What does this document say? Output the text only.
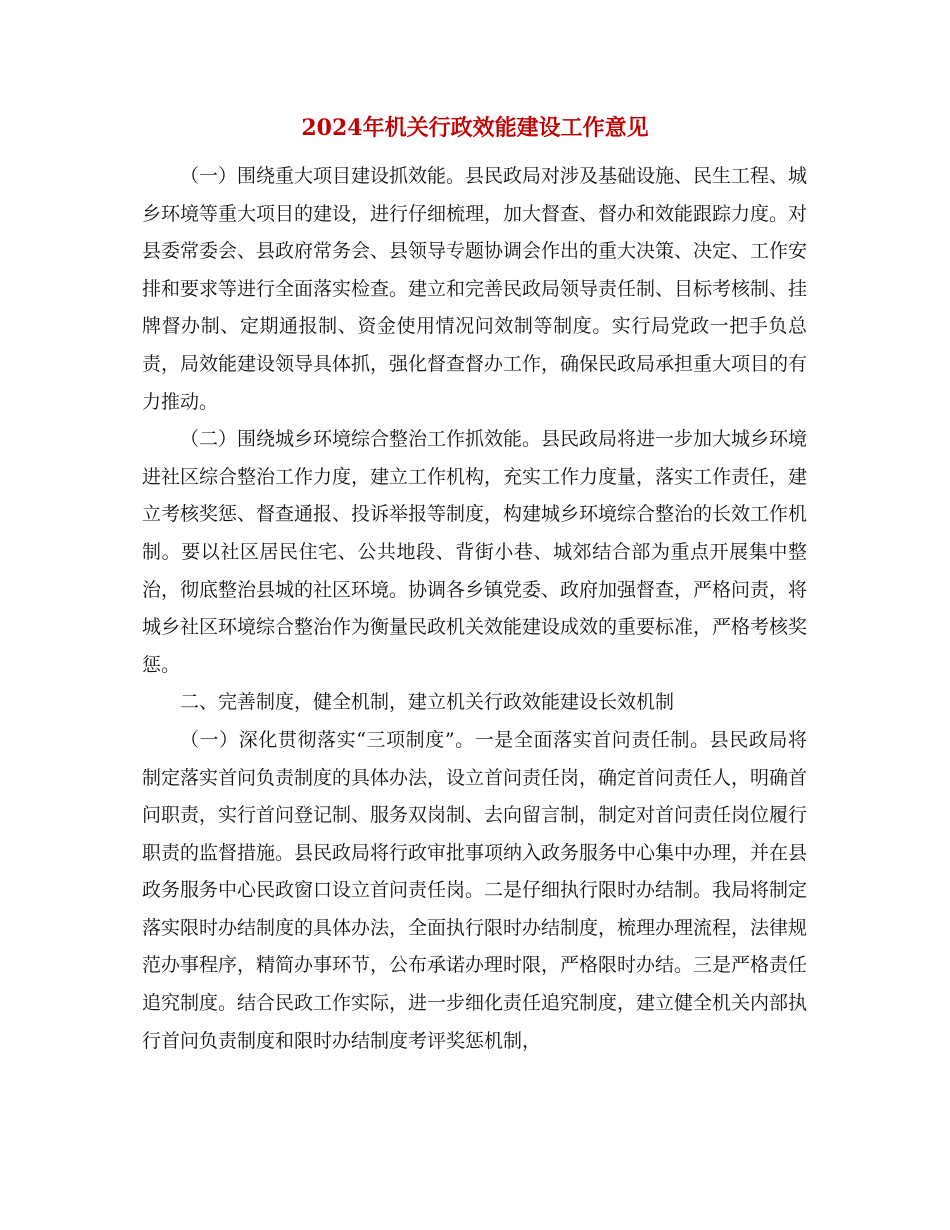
2024年机关行政效能建设工作意见

（一）围绕重大项目建设抓效能。县民政局对涉及基础设施、民生工程、城乡环境等重大项目的建设，进行仔细梳理，加大督查、督办和效能跟踪力度。对县委常委会、县政府常务会、县领导专题协调会作出的重大决策、决定、工作安排和要求等进行全面落实检查。建立和完善民政局领导责任制、目标考核制、挂牌督办制、定期通报制、资金使用情况问效制等制度。实行局党政一把手负总责，局效能建设领导具体抓，强化督查督办工作，确保民政局承担重大项目的有力推动。

（二）围绕城乡环境综合整治工作抓效能。县民政局将进一步加大城乡环境进社区综合整治工作力度，建立工作机构，充实工作力度量，落实工作责任，建立考核奖惩、督查通报、投诉举报等制度，构建城乡环境综合整治的长效工作机制。要以社区居民住宅、公共地段、背街小巷、城郊结合部为重点开展集中整治，彻底整治县城的社区环境。协调各乡镇党委、政府加强督查，严格问责，将城乡社区环境综合整治作为衡量民政机关效能建设成效的重要标准，严格考核奖惩。

二、完善制度，健全机制，建立机关行政效能建设长效机制

（一）深化贯彻落实“三项制度”。一是全面落实首问责任制。县民政局将制定落实首问负责制度的具体办法，设立首问责任岗，确定首问责任人，明确首问职责，实行首问登记制、服务双岗制、去向留言制，制定对首问责任岗位履行职责的监督措施。县民政局将行政审批事项纳入政务服务中心集中办理，并在县政务服务中心民政窗口设立首问责任岗。二是仔细执行限时办结制。我局将制定落实限时办结制度的具体办法，全面执行限时办结制度，梳理办理流程，法律规范办事程序，精简办事环节，公布承诺办理时限，严格限时办结。三是严格责任追究制度。结合民政工作实际，进一步细化责任追究制度，建立健全机关内部执行首问负责制度和限时办结制度考评奖惩机制，
